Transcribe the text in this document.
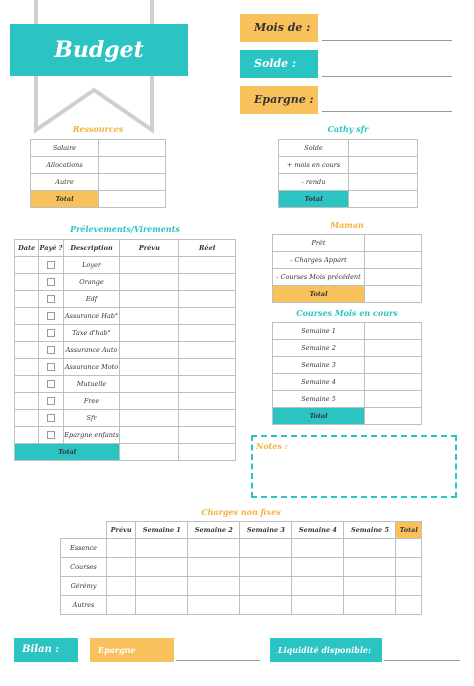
Budget
Mois de :
Solde :
Epargne :
Ressources
Salaire	
Allocations	
Autre	
Total	
Cathy sfr
Solde	
+ mois en cours	
- rendu	
Total	
Prélevements/Virements
Date	Payé ?	Description	Prévu	Réel
		Loyer		
		Orange		
		Edf		
		Assurance Hab°		
		Taxe d'hab°		
		Assurance Auto		
		Assurance Moto		
		Mutuelle		
		Free		
		Sfr		
		Epargne enfants		
Total				
Maman
Prêt	
- Charges Appart	
- Courses Mois précédent	
Total	
Courses Mois en cours
Semaine 1	
Semaine 2	
Semaine 3	
Semaine 4	
Semaine 5	
Total	
Notes :
Charges non fixes
	Prévu	Semaine 1	Semaine 2	Semaine 3	Semaine 4	Semaine 5	Total
Essence							
Courses							
Gérémy							
Autres							
Bilan :	Epargne réalisée:
Liquidité disponible:
